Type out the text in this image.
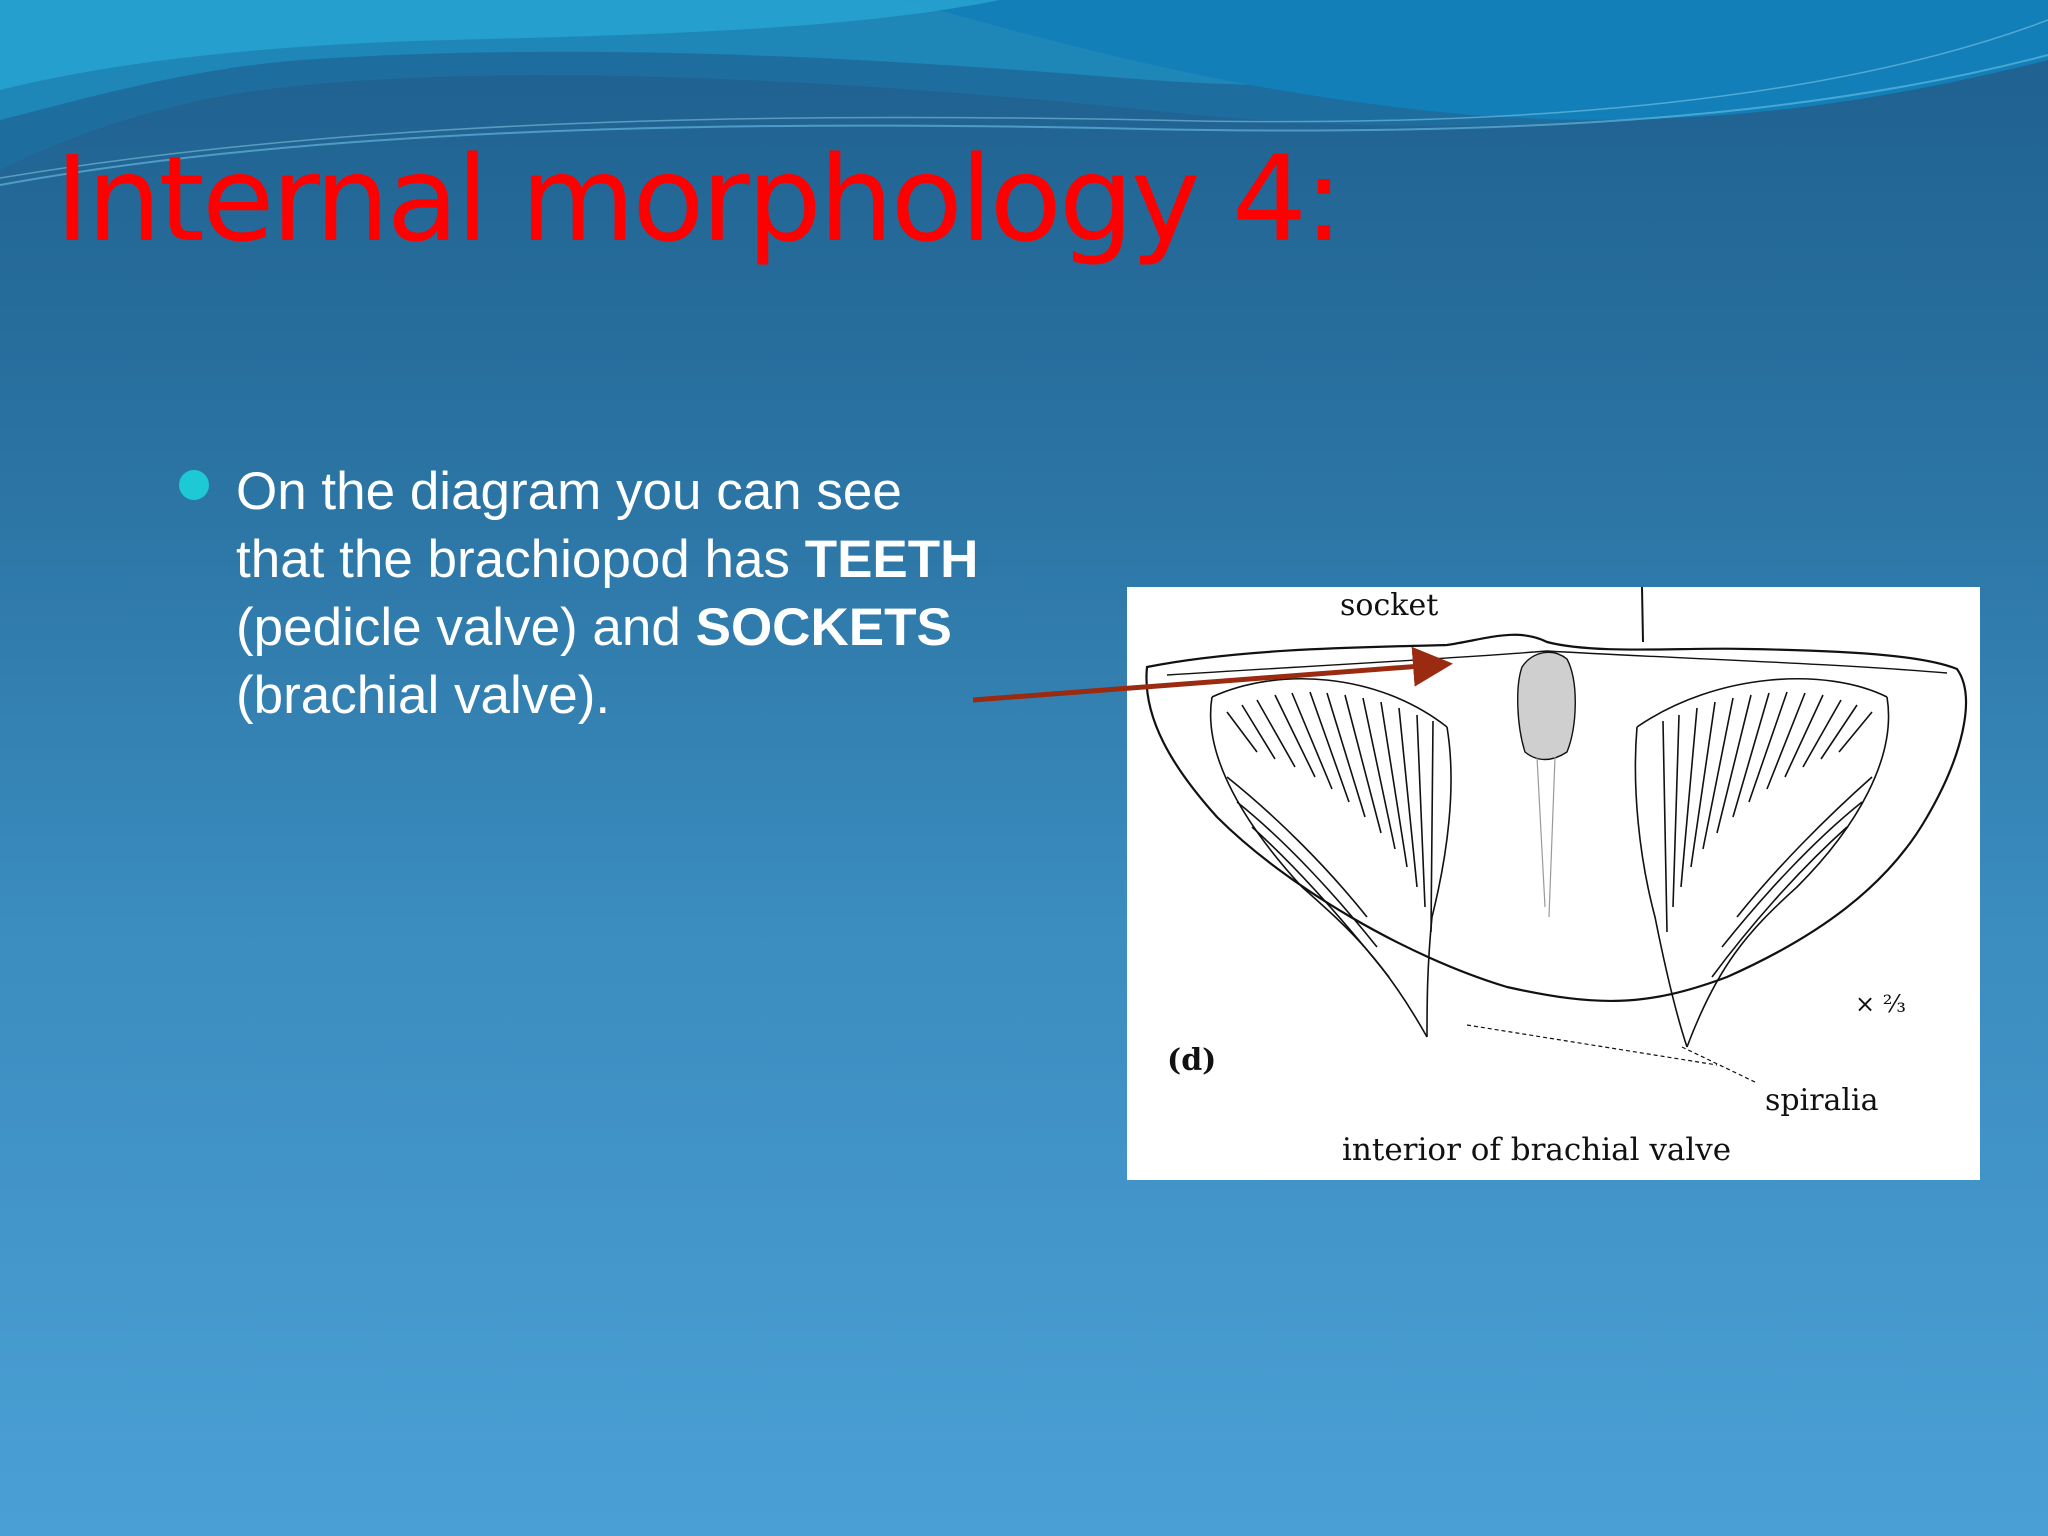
Internal morphology 4:

On the diagram you can see that the brachiopod has TEETH (pedicle valve) and SOCKETS (brachial valve).

socket
(d)
× ²⁄₃
spiralia
interior of brachial valve
